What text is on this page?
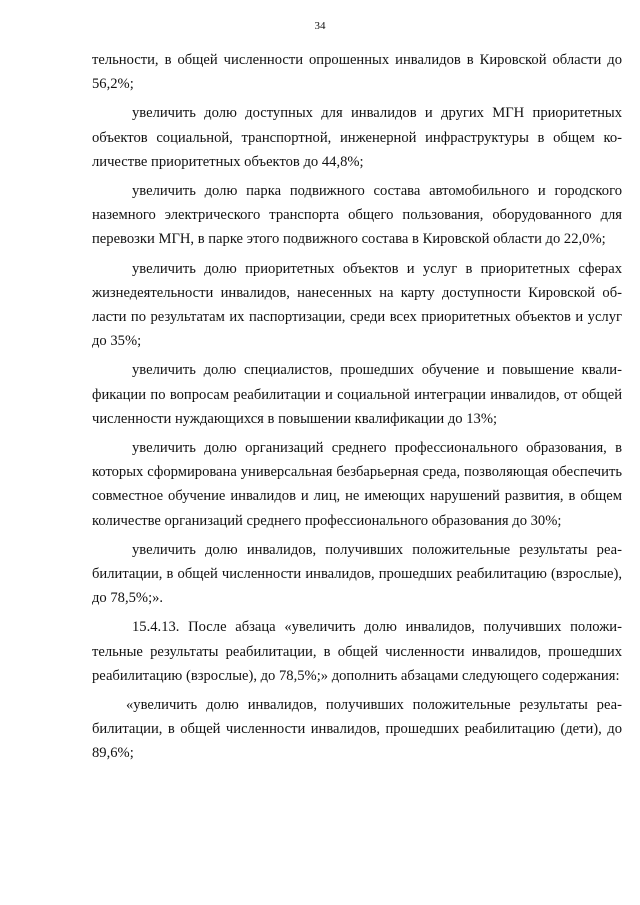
34

тельности, в общей численности опрошенных инвалидов в Кировской области до 56,2%;

увеличить долю доступных для инвалидов и других МГН приоритетных объектов социальной, транспортной, инженерной инфраструктуры в общем количестве приоритетных объектов до 44,8%;

увеличить долю парка подвижного состава автомобильного и городского наземного электрического транспорта общего пользования, оборудованного для перевозки МГН, в парке этого подвижного состава в Кировской области до 22,0%;

увеличить долю приоритетных объектов и услуг в приоритетных сферах жизнедеятельности инвалидов, нанесенных на карту доступности Кировской области по результатам их паспортизации, среди всех приоритетных объектов и услуг до 35%;

увеличить долю специалистов, прошедших обучение и повышение квалификации по вопросам реабилитации и социальной интеграции инвалидов, от общей численности нуждающихся в повышении квалификации до 13%;

увеличить долю организаций среднего профессионального образования, в которых сформирована универсальная безбарьерная среда, позволяющая обеспечить совместное обучение инвалидов и лиц, не имеющих нарушений развития, в общем количестве организаций среднего профессионального образования до 30%;

увеличить долю инвалидов, получивших положительные результаты реабилитации, в общей численности инвалидов, прошедших реабилитацию (взрослые), до 78,5%;».

15.4.13. После абзаца «увеличить долю инвалидов, получивших положительные результаты реабилитации, в общей численности инвалидов, прошедших реабилитацию (взрослые), до 78,5%;» дополнить абзацами следующего содержания:

«увеличить долю инвалидов, получивших положительные результаты реабилитации, в общей численности инвалидов, прошедших реабилитацию (дети), до 89,6%;
